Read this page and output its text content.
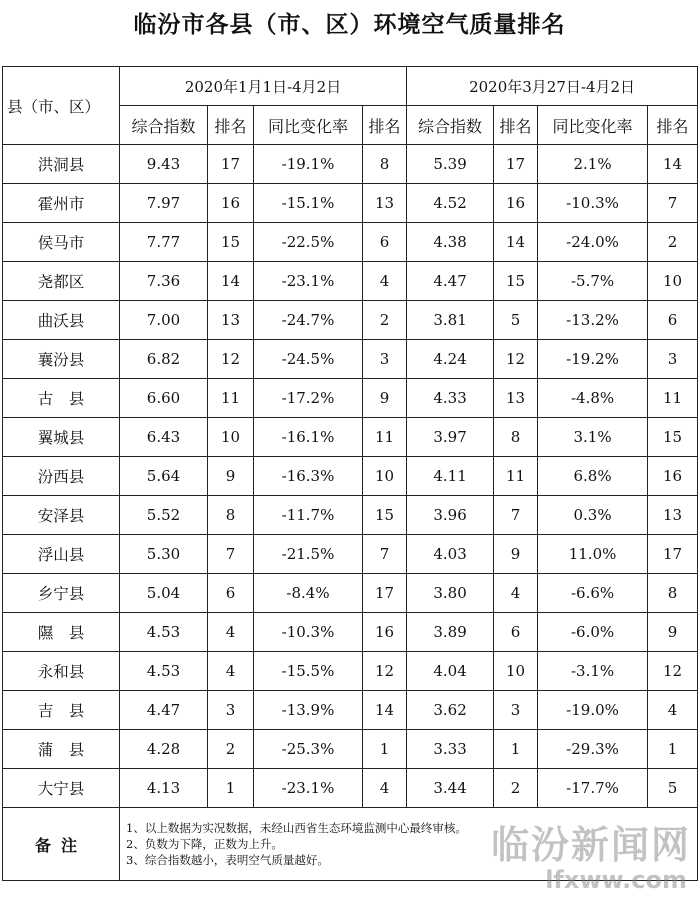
临汾市各县（市、区）环境空气质量排名
县（市、区）	2020年1月1日-4月2日				2020年3月27日-4月2日			
	综合指数	排名	同比变化率	排名	综合指数	排名	同比变化率	排名
洪洞县	9.43	17	-19.1%	8	5.39	17	2.1%	14
霍州市	7.97	16	-15.1%	13	4.52	16	-10.3%	7
侯马市	7.77	15	-22.5%	6	4.38	14	-24.0%	2
尧都区	7.36	14	-23.1%	4	4.47	15	-5.7%	10
曲沃县	7.00	13	-24.7%	2	3.81	5	-13.2%	6
襄汾县	6.82	12	-24.5%	3	4.24	12	-19.2%	3
古　县	6.60	11	-17.2%	9	4.33	13	-4.8%	11
翼城县	6.43	10	-16.1%	11	3.97	8	3.1%	15
汾西县	5.64	9	-16.3%	10	4.11	11	6.8%	16
安泽县	5.52	8	-11.7%	15	3.96	7	0.3%	13
浮山县	5.30	7	-21.5%	7	4.03	9	11.0%	17
乡宁县	5.04	6	-8.4%	17	3.80	4	-6.6%	8
隰　县	4.53	4	-10.3%	16	3.89	6	-6.0%	9
永和县	4.53	4	-15.5%	12	4.04	10	-3.1%	12
吉　县	4.47	3	-13.9%	14	3.62	3	-19.0%	4
蒲　县	4.28	2	-25.3%	1	3.33	1	-29.3%	1
大宁县	4.13	1	-23.1%	4	3.44	2	-17.7%	5
备注	1、以上数据为实况数据，未经山西省生态环境监测中心最终审核。
2、负数为下降，正数为上升。
3、综合指数越小，表明空气质量越好。								临汾新闻网
lfxww.com
